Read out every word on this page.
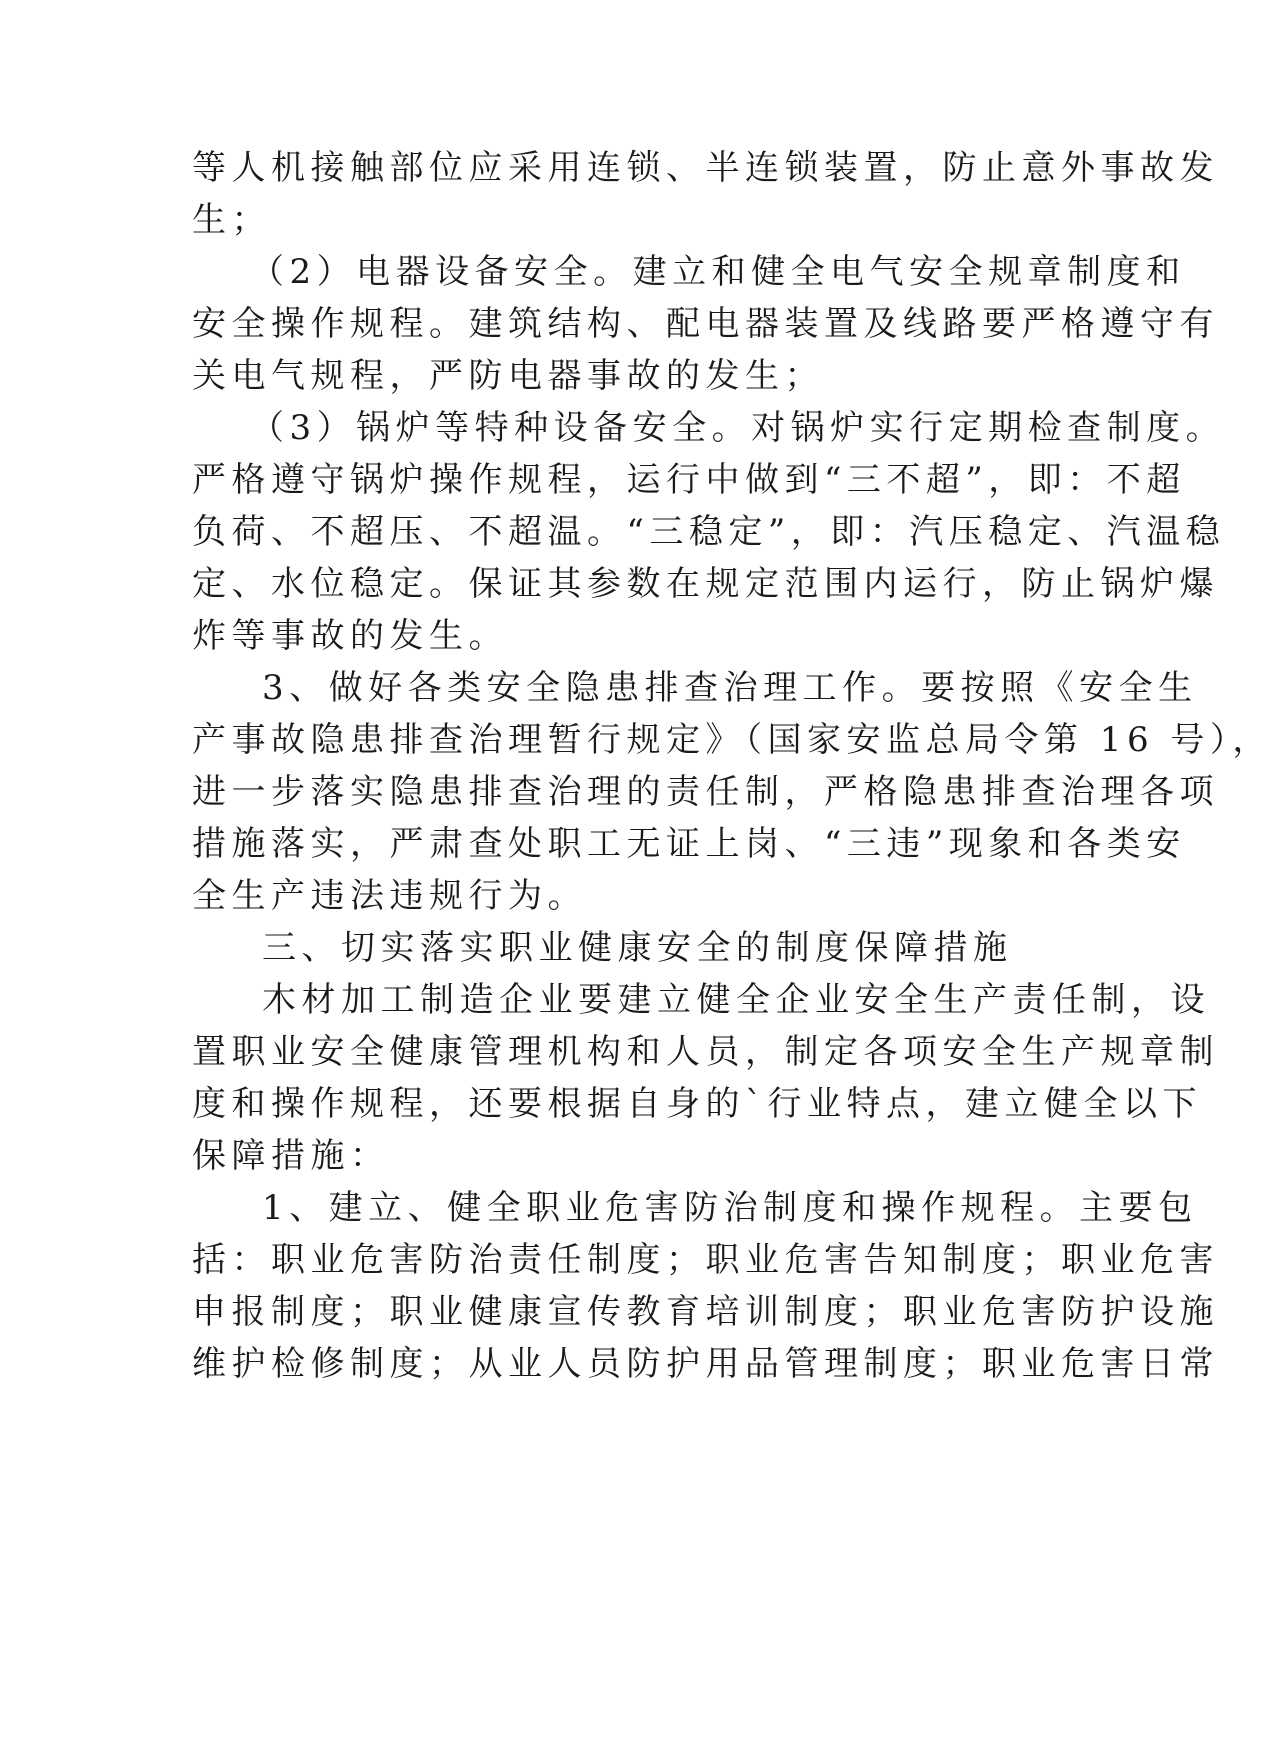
等人机接触部位应采用连锁、半连锁装置，防止意外事故发
生；
（2）电器设备安全。建立和健全电气安全规章制度和
安全操作规程。建筑结构、配电器装置及线路要严格遵守有
关电气规程，严防电器事故的发生；
（3）锅炉等特种设备安全。对锅炉实行定期检查制度。
严格遵守锅炉操作规程，运行中做到“三不超”，即：不超
负荷、不超压、不超温。“三稳定”，即：汽压稳定、汽温稳
定、水位稳定。保证其参数在规定范围内运行，防止锅炉爆
炸等事故的发生。
3、做好各类安全隐患排查治理工作。要按照《安全生
产事故隐患排查治理暂行规定》（国家安监总局令第 16 号），
进一步落实隐患排查治理的责任制，严格隐患排查治理各项
措施落实，严肃查处职工无证上岗、“三违”现象和各类安
全生产违法违规行为。
三、切实落实职业健康安全的制度保障措施
木材加工制造企业要建立健全企业安全生产责任制，设
置职业安全健康管理机构和人员，制定各项安全生产规章制
度和操作规程，还要根据自身的`行业特点，建立健全以下
保障措施：
1、建立、健全职业危害防治制度和操作规程。主要包
括：职业危害防治责任制度；职业危害告知制度；职业危害
申报制度；职业健康宣传教育培训制度；职业危害防护设施
维护检修制度；从业人员防护用品管理制度；职业危害日常
